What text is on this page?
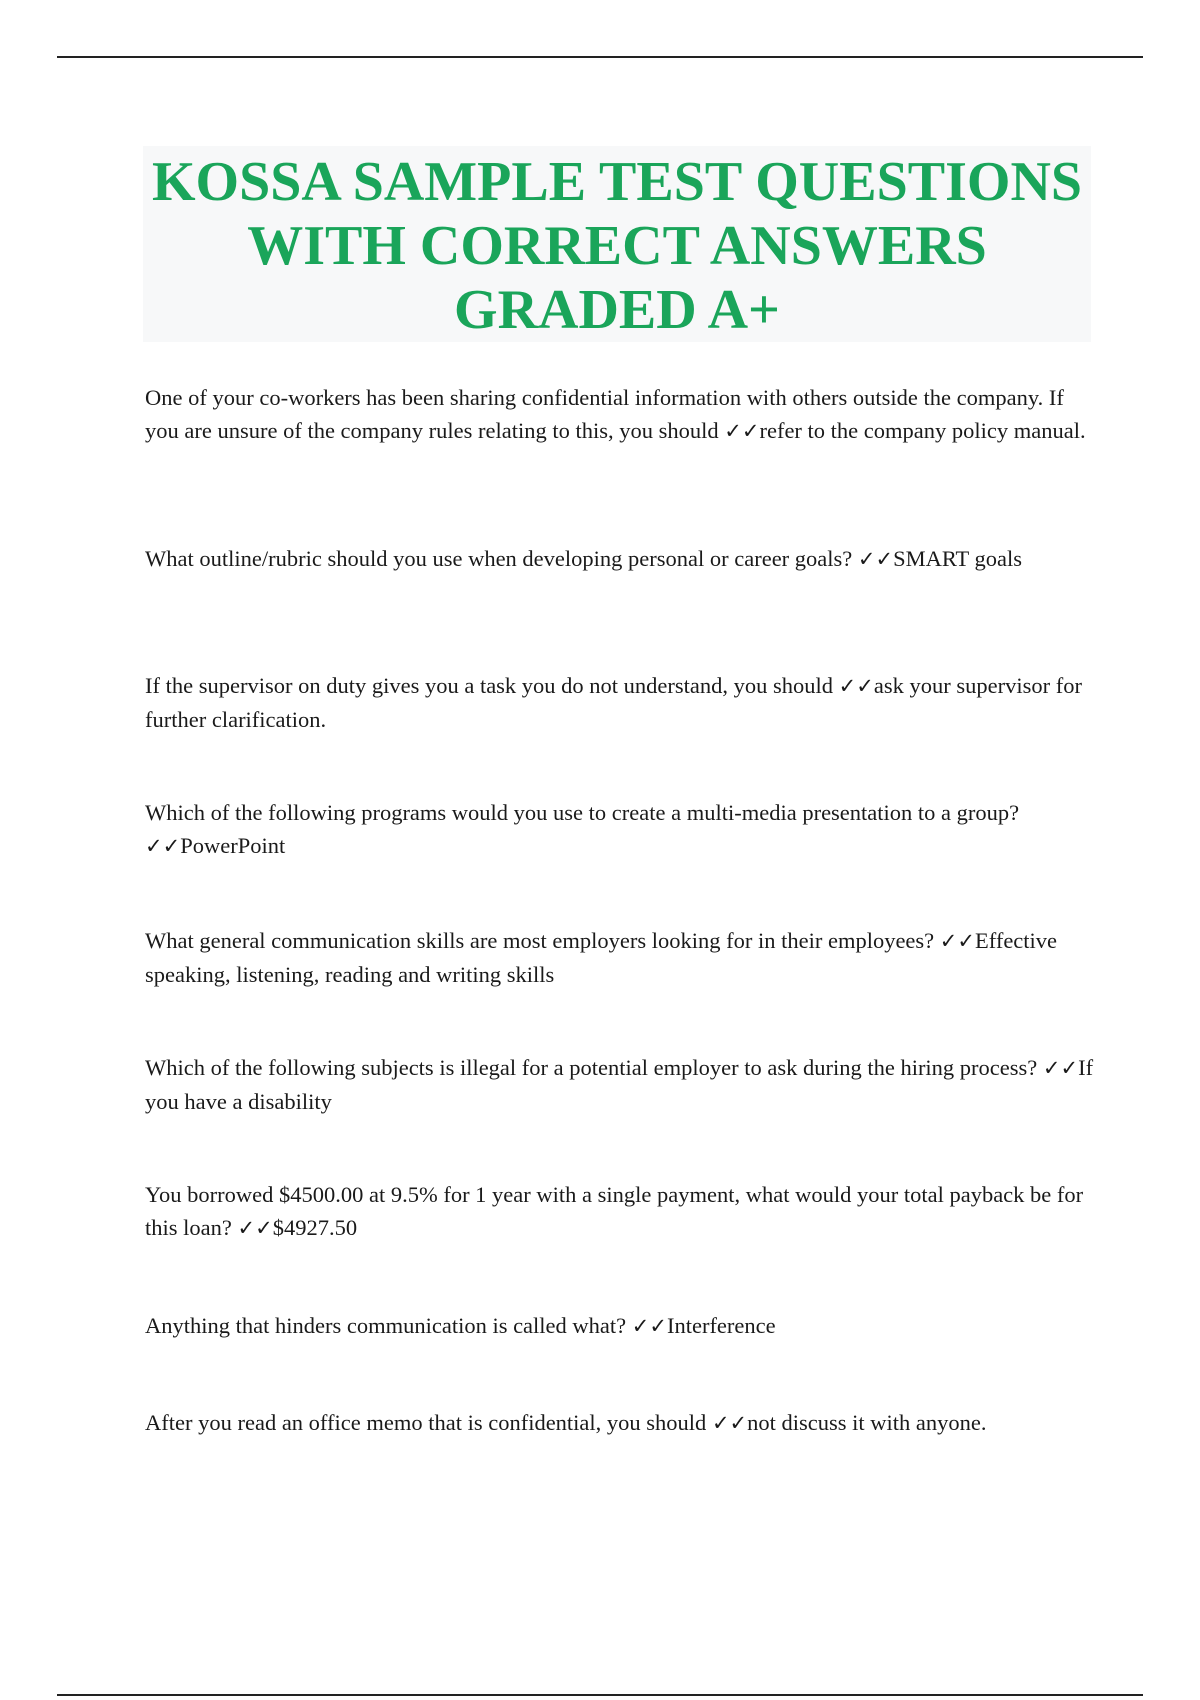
KOSSA SAMPLE TEST QUESTIONS
WITH CORRECT ANSWERS
GRADED A+

One of your co-workers has been sharing confidential information with others outside the company. If you are unsure of the company rules relating to this, you should ✓✓refer to the company policy manual.

What outline/rubric should you use when developing personal or career goals? ✓✓SMART goals

If the supervisor on duty gives you a task you do not understand, you should ✓✓ask your supervisor for further clarification.

Which of the following programs would you use to create a multi-media presentation to a group? ✓✓PowerPoint

What general communication skills are most employers looking for in their employees? ✓✓Effective speaking, listening, reading and writing skills

Which of the following subjects is illegal for a potential employer to ask during the hiring process? ✓✓If you have a disability

You borrowed $4500.00 at 9.5% for 1 year with a single payment, what would your total payback be for this loan? ✓✓$4927.50

Anything that hinders communication is called what? ✓✓Interference

After you read an office memo that is confidential, you should ✓✓not discuss it with anyone.
